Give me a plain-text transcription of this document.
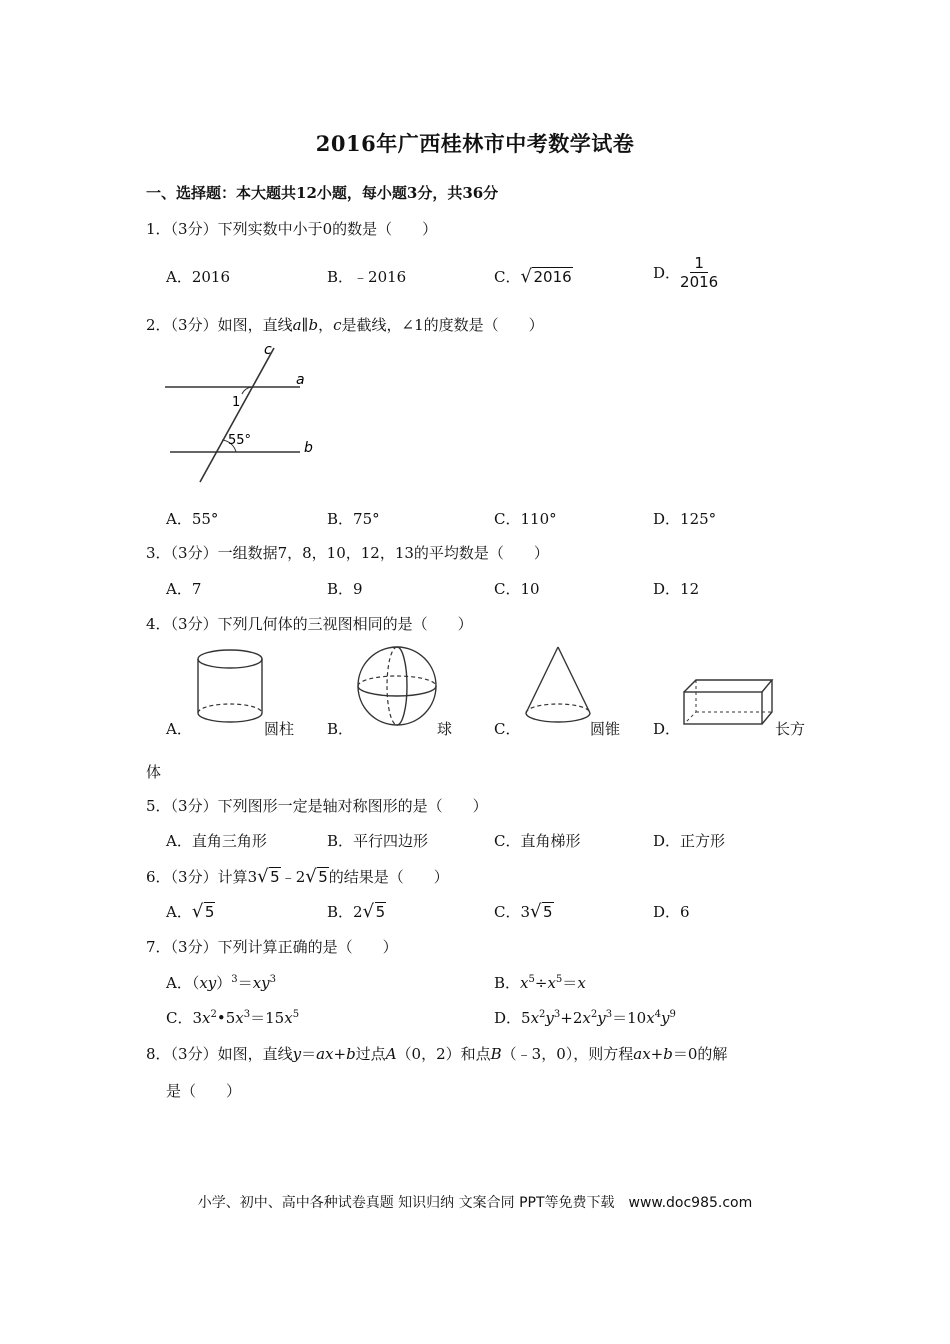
2016年广西桂林市中考数学试卷
一、选择题：本大题共12小题，每小题3分，共36分
1．（3分）下列实数中小于0的数是（　　）
A．2016	B．﹣2016	C． √ 2016	D． $\frac{1}{2016}$
2．（3分）如图，直线a∥b，c是截线，∠1的度数是（　　）
c
a
b
1
55°
A．55°	B．75°	C．110°	D．125°
3．（3分）一组数据7，8，10，12，13的平均数是（　　）
A．7	B．9	C．10	D．12
4．（3分）下列几何体的三视图相同的是（　　）
A．	圆柱 B．	球	C．	圆锥 D．	长方
体
5．（3分）下列图形一定是轴对称图形的是（　　）
A．直角三角形	B．平行四边形	C．直角梯形	D．正方形
6．（3分）计算3 √ 5﹣2 √ 5的结果是（　　）
A． √ 5	B．2 √ 5	C．3 √ 5	D．6
7．（3分）下列计算正确的是（　　）
A．$(xy)^3=xy^3$	B．$x^5\div x^5=x$
C．$3x^2•5x^3=15x^5$	D．$5x^2y^3+2x^2y^3=10x^4y^9$
8．（3分）如图，直线y＝ax+b过点A（0，2）和点B（﹣3，0），则方程ax+b＝0的解
是（　　）
小学、初中、高中各种试卷真题 知识归纳 文案合同 PPT等免费下载　www.doc985.com
